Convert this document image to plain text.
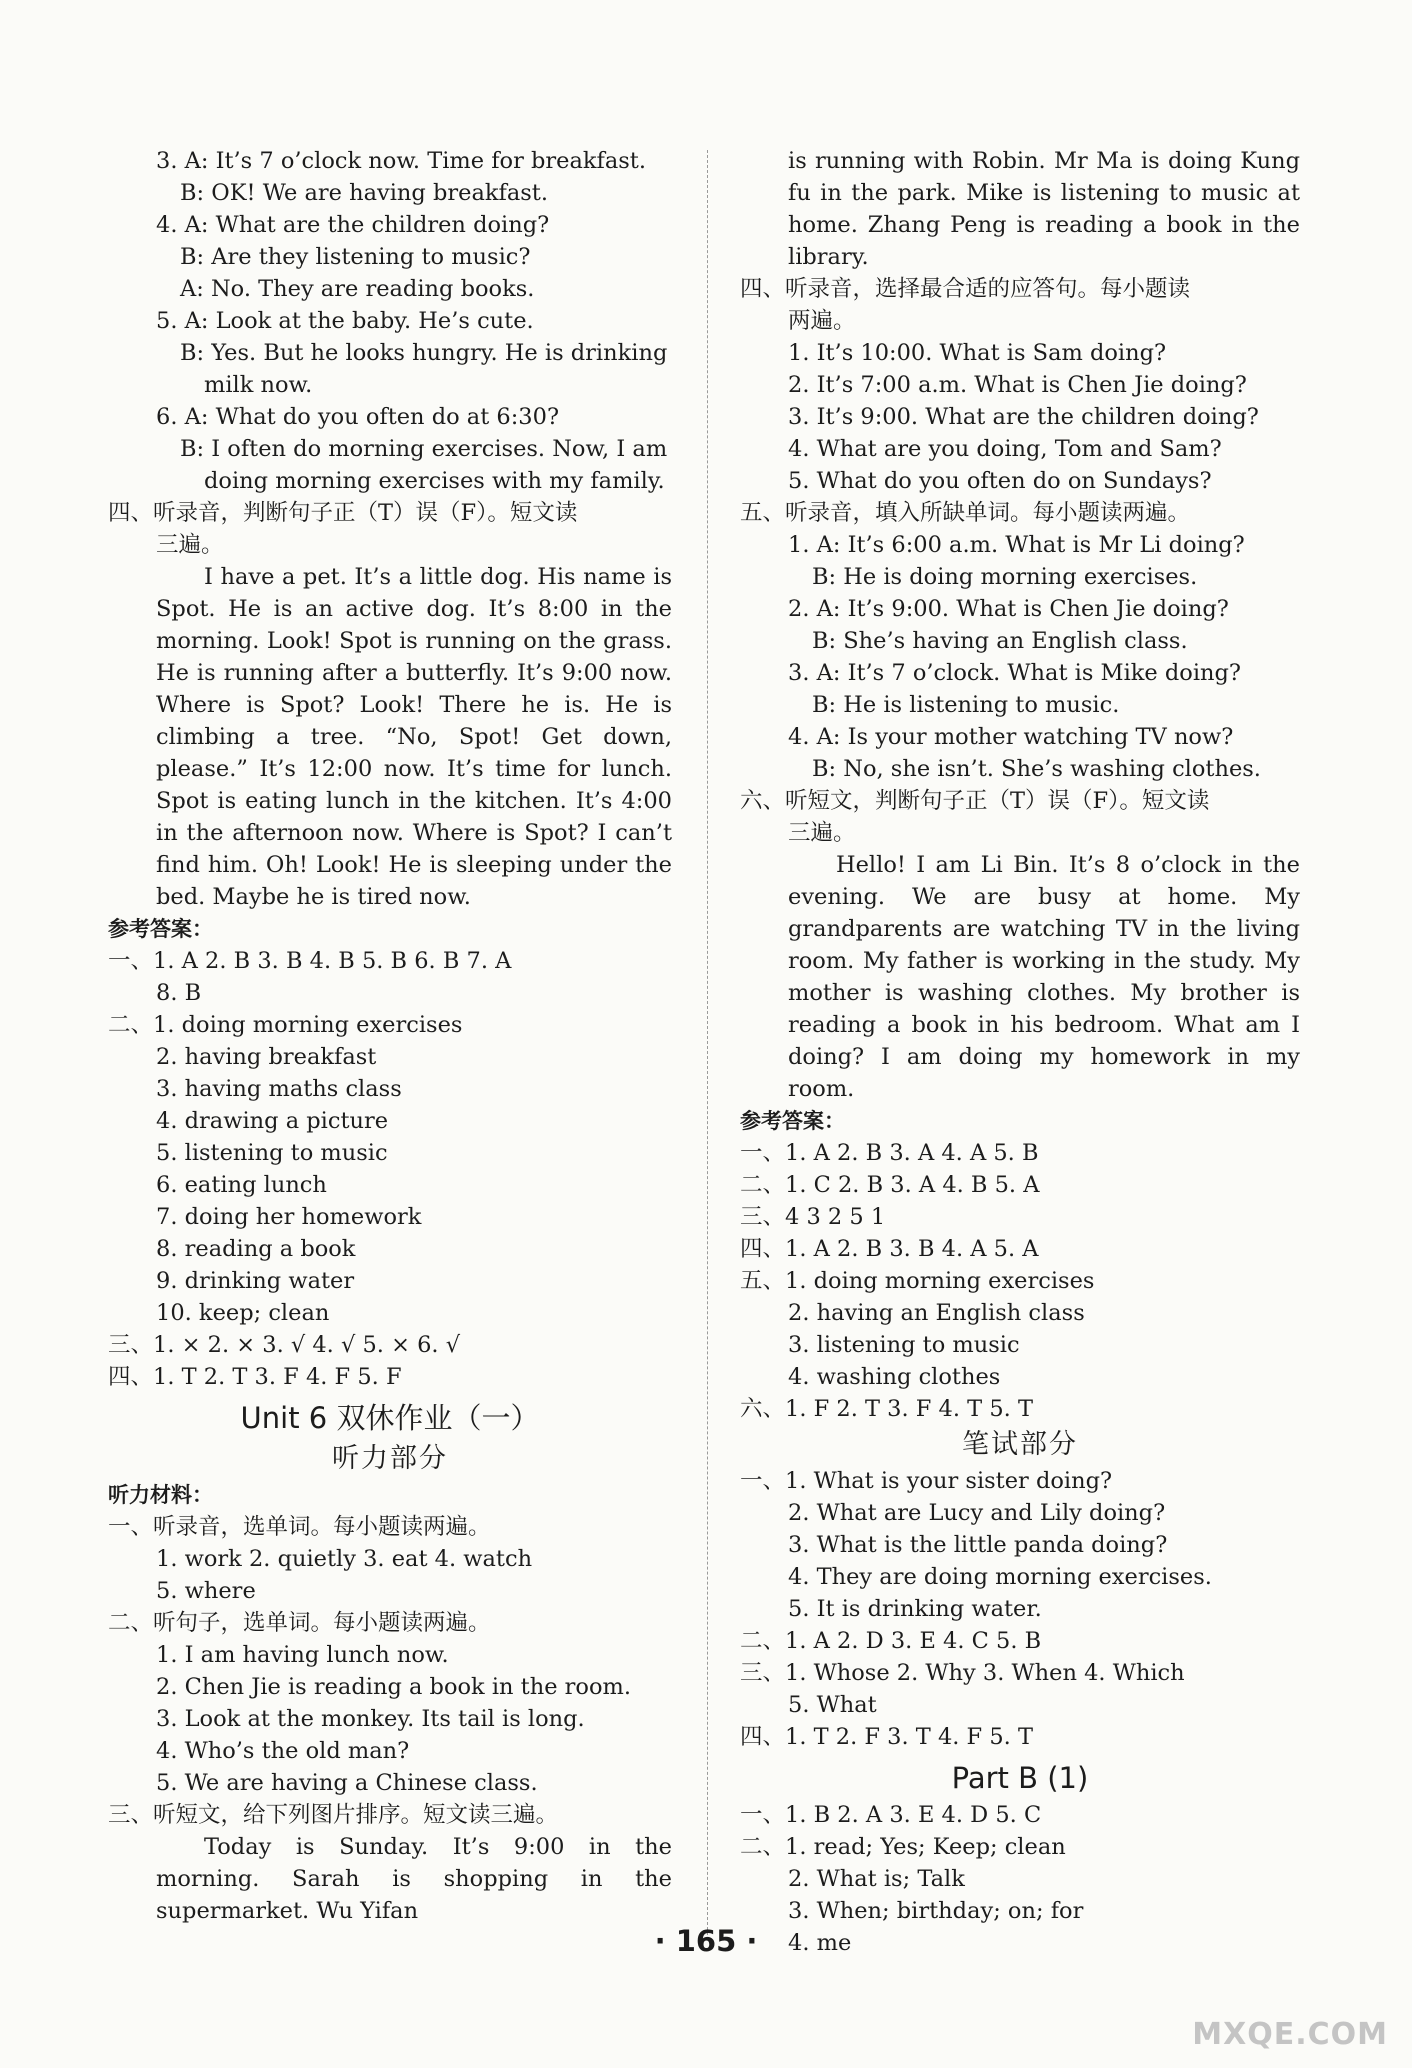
3. A: It’s 7 o’clock now. Time for breakfast.
B: OK! We are having breakfast.
4. A: What are the children doing?
B: Are they listening to music?
A: No. They are reading books.
5. A: Look at the baby. He’s cute.
B: Yes. But he looks hungry. He is drinking
milk now.
6. A: What do you often do at 6:30?
B: I often do morning exercises. Now, I am
doing morning exercises with my family.
四、听录音，判断句子正（T）误（F）。短文读
三遍。
I have a pet. It’s a little dog. His name is Spot. He is an active dog. It’s 8:00 in the morning. Look! Spot is running on the grass. He is running after a butterfly. It’s 9:00 now. Where is Spot? Look! There he is. He is climbing a tree. “No, Spot! Get down, please.” It’s 12:00 now. It’s time for lunch. Spot is eating lunch in the kitchen. It’s 4:00 in the afternoon now. Where is Spot? I can’t find him. Oh! Look! He is sleeping under the bed. Maybe he is tired now.
参考答案：
一、1. A 2. B 3. B 4. B 5. B 6. B 7. A
8. B
二、1. doing morning exercises
2. having breakfast
3. having maths class
4. drawing a picture
5. listening to music
6. eating lunch
7. doing her homework
8. reading a book
9. drinking water
10. keep; clean
三、1. × 2. × 3. √ 4. √ 5. × 6. √
四、1. T 2. T 3. F 4. F 5. F
Unit 6 双休作业（一）
听力部分
听力材料：
一、听录音，选单词。每小题读两遍。
1. work 2. quietly 3. eat 4. watch
5. where
二、听句子，选单词。每小题读两遍。
1. I am having lunch now.
2. Chen Jie is reading a book in the room.
3. Look at the monkey. Its tail is long.
4. Who’s the old man?
5. We are having a Chinese class.
三、听短文，给下列图片排序。短文读三遍。
Today is Sunday. It’s 9:00 in the morning. Sarah is shopping in the supermarket. Wu Yifan
is running with Robin. Mr Ma is doing Kung fu in the park. Mike is listening to music at home. Zhang Peng is reading a book in the library.
四、听录音，选择最合适的应答句。每小题读
两遍。
1. It’s 10:00. What is Sam doing?
2. It’s 7:00 a.m. What is Chen Jie doing?
3. It’s 9:00. What are the children doing?
4. What are you doing, Tom and Sam?
5. What do you often do on Sundays?
五、听录音，填入所缺单词。每小题读两遍。
1. A: It’s 6:00 a.m. What is Mr Li doing?
B: He is doing morning exercises.
2. A: It’s 9:00. What is Chen Jie doing?
B: She’s having an English class.
3. A: It’s 7 o’clock. What is Mike doing?
B: He is listening to music.
4. A: Is your mother watching TV now?
B: No, she isn’t. She’s washing clothes.
六、听短文，判断句子正（T）误（F）。短文读
三遍。
Hello! I am Li Bin. It’s 8 o’clock in the evening. We are busy at home. My grandparents are watching TV in the living room. My father is working in the study. My mother is washing clothes. My brother is reading a book in his bedroom. What am I doing? I am doing my homework in my room.
参考答案：
一、1. A 2. B 3. A 4. A 5. B
二、1. C 2. B 3. A 4. B 5. A
三、4 3 2 5 1
四、1. A 2. B 3. B 4. A 5. A
五、1. doing morning exercises
2. having an English class
3. listening to music
4. washing clothes
六、1. F 2. T 3. F 4. T 5. T
笔试部分
一、1. What is your sister doing?
2. What are Lucy and Lily doing?
3. What is the little panda doing?
4. They are doing morning exercises.
5. It is drinking water.
二、1. A 2. D 3. E 4. C 5. B
三、1. Whose 2. Why 3. When 4. Which
5. What
四、1. T 2. F 3. T 4. F 5. T
Part B (1)
一、1. B 2. A 3. E 4. D 5. C
二、1. read; Yes; Keep; clean
2. What is; Talk
3. When; birthday; on; for
4. me
· 165 ·
MXQE.COM
